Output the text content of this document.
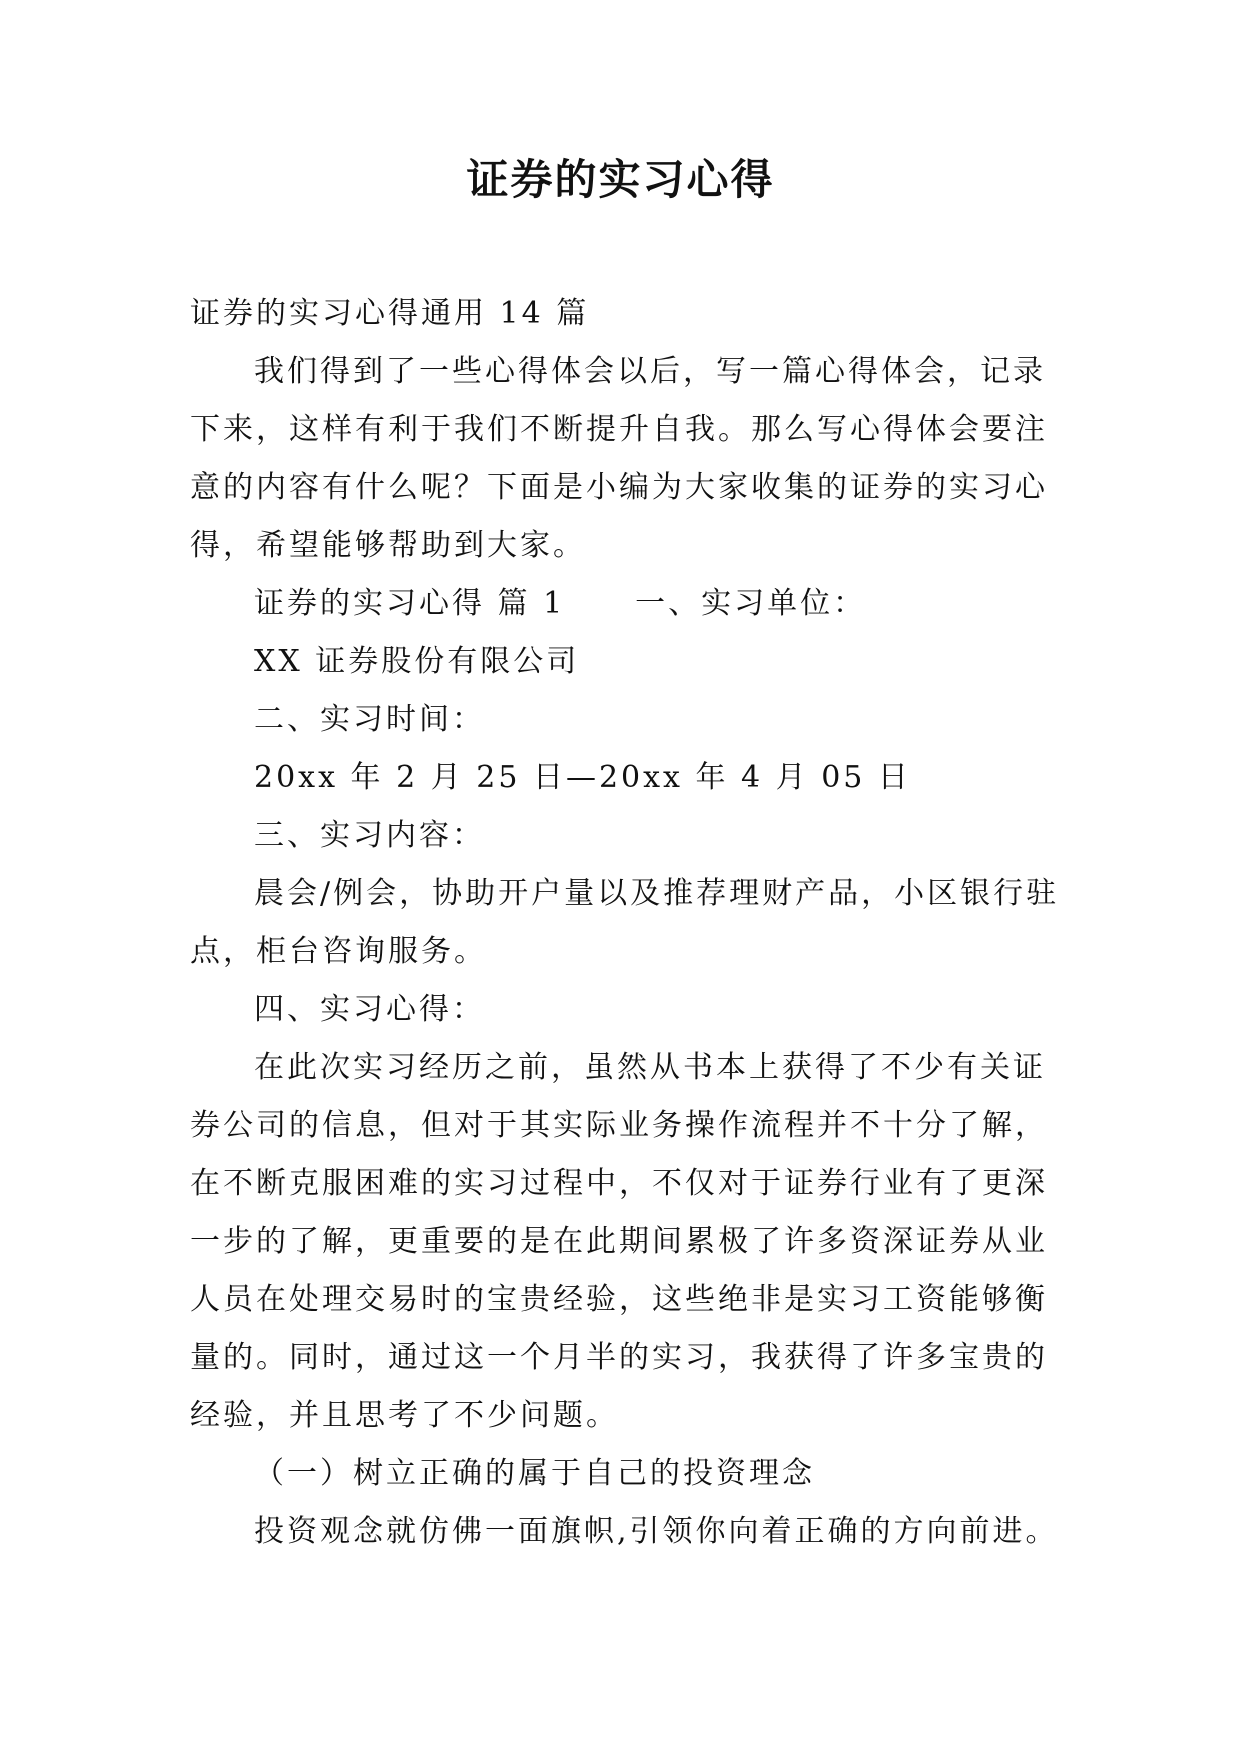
证券的实习心得

证券的实习心得通用 14 篇

我们得到了一些心得体会以后，写一篇心得体会，记录下来，这样有利于我们不断提升自我。那么写心得体会要注意的内容有什么呢？下面是小编为大家收集的证券的实习心得，希望能够帮助到大家。

证券的实习心得 篇 1 一、实习单位：

XX 证券股份有限公司

二、实习时间：

20xx 年 2 月 25 日—20xx 年 4 月 05 日

三、实习内容：

晨会/例会，协助开户量以及推荐理财产品，小区银行驻点，柜台咨询服务。

四、实习心得：

在此次实习经历之前，虽然从书本上获得了不少有关证券公司的信息，但对于其实际业务操作流程并不十分了解，在不断克服困难的实习过程中，不仅对于证券行业有了更深一步的了解，更重要的是在此期间累极了许多资深证券从业人员在处理交易时的宝贵经验，这些绝非是实习工资能够衡量的。同时，通过这一个月半的实习，我获得了许多宝贵的经验，并且思考了不少问题。

（一）树立正确的属于自己的投资理念

投资观念就仿佛一面旗帜,引领你向着正确的方向前进。
